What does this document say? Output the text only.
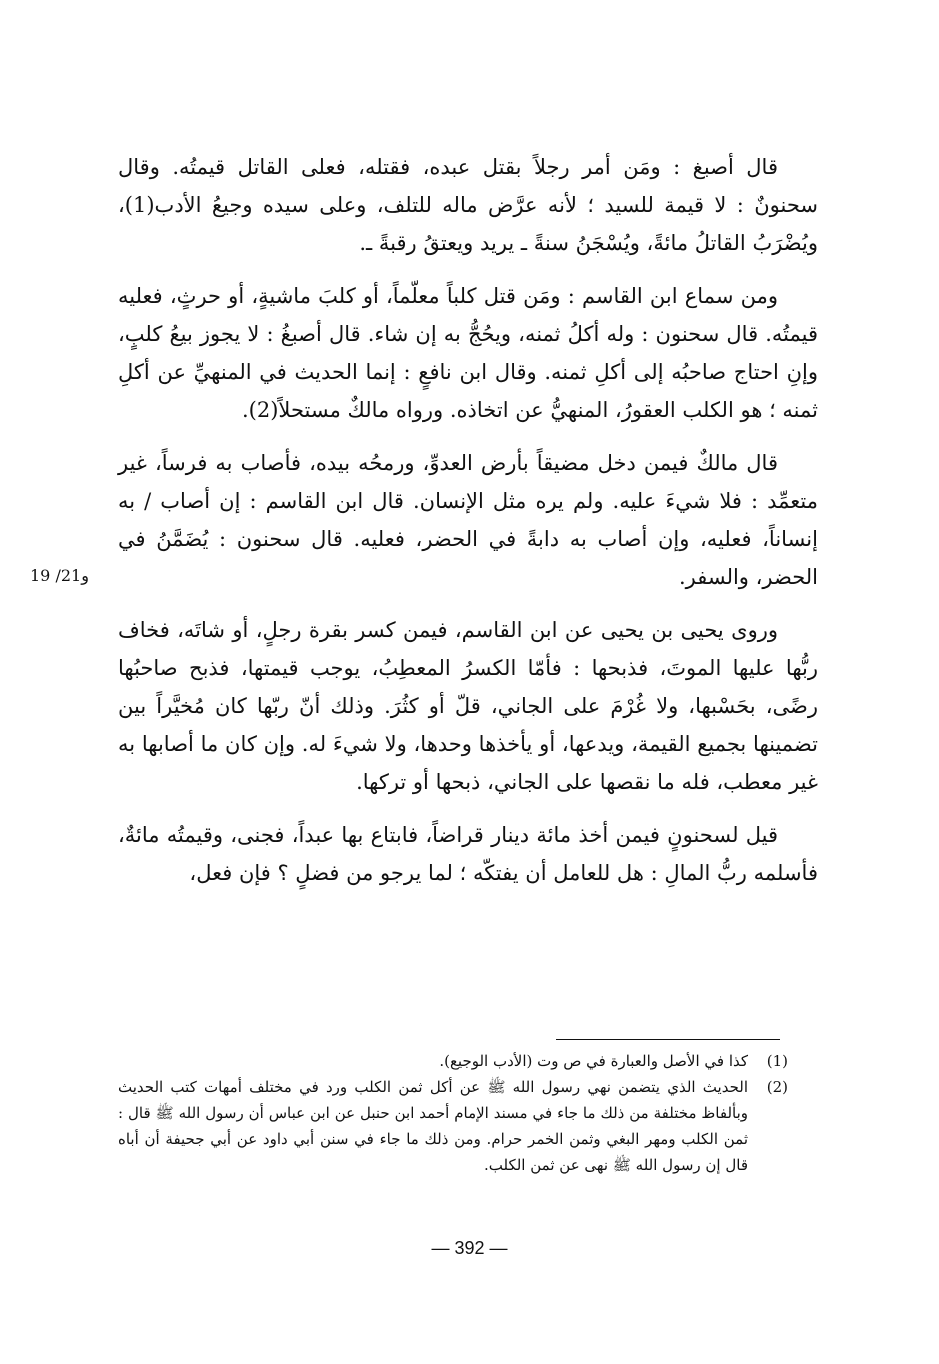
قال أصبغ : ومَن أمر رجلاً بقتل عبده، فقتله، فعلى القاتل قيمتُه. وقال سحنونٌ : لا قيمة للسيد ؛ لأنه عرَّض ماله للتلف، وعلى سيده وجيعُ الأدب(1)، ويُضْرَبُ القاتلُ مائةً، ويُسْجَنُ سنةً ـ يريد ويعتقُ رقبةً ـ.

ومن سماع ابن القاسم : ومَن قتل كلباً معلّماً، أو كلبَ ماشيةٍ، أو حرثٍ، فعليه قيمتُه. قال سحنون : وله أكلُ ثمنه، ويحُجُّ به إن شاء. قال أصبغُ : لا يجوز بيعُ كلبٍ، وإنِ احتاج صاحبُه إلى أكلِ ثمنه. وقال ابن نافعٍ : إنما الحديث في المنهيِّ عن أكلِ ثمنه ؛ هو الكلب العقورُ، المنهيُّ عن اتخاذه. ورواه مالكٌ مستحلاً(2).

قال مالكٌ فيمن دخل مضيقاً بأرض العدوِّ، ورمحُه بيده، فأصاب به فرساً، غير متعمِّد : فلا شيءَ عليه. ولم يره مثل الإنسان. قال ابن القاسم : إن أصاب / به إنساناً، فعليه، وإن أصاب به دابةً في الحضر، فعليه. قال سحنون : يُضَمَّنُ في الحضر، والسفر.

وروى يحيى بن يحيى عن ابن القاسم، فيمن كسر بقرة رجلٍ، أو شاتَه، فخاف ربُّها عليها الموتَ، فذبحها : فأمّا الكسرُ المعطِبُ، يوجب قيمتها، فذبح صاحبُها رضًى، بحَسْبها، ولا غُرْمَ على الجاني، قلّ أو كثُرَ. وذلك أنّ ربّها كان مُخيَّراً بين تضمينها بجميع القيمة، ويدعها، أو يأخذها وحدها، ولا شيءَ له. وإن كان ما أصابها به غير معطب، فله ما نقصها على الجاني، ذبحها أو تركها.

قيل لسحنونٍ فيمن أخذ مائة دينار قراضاً، فابتاع بها عبداً، فجنى، وقيمتُه مائةٌ، فأسلمه ربُّ المالِ : هل للعامل أن يفتكّه ؛ لما يرجو من فضلٍ ؟ فإن فعل،

19 /21و
(1)
كذا في الأصل والعبارة في ص وت (الأدب الوجيع).
(2)
الحديث الذي يتضمن نهي رسول الله ﷺ عن أكل ثمن الكلب ورد في مختلف أمهات كتب الحديث وبألفاظ مختلفة من ذلك ما جاء في مسند الإمام أحمد ابن حنبل عن ابن عباس أن رسول الله ﷺ قال : ثمن الكلب ومهر البغي وثمن الخمر حرام. ومن ذلك ما جاء في سنن أبي داود عن أبي جحيفة أن أباه قال إن رسول الله ﷺ نهى عن ثمن الكلب.
— 392 —
